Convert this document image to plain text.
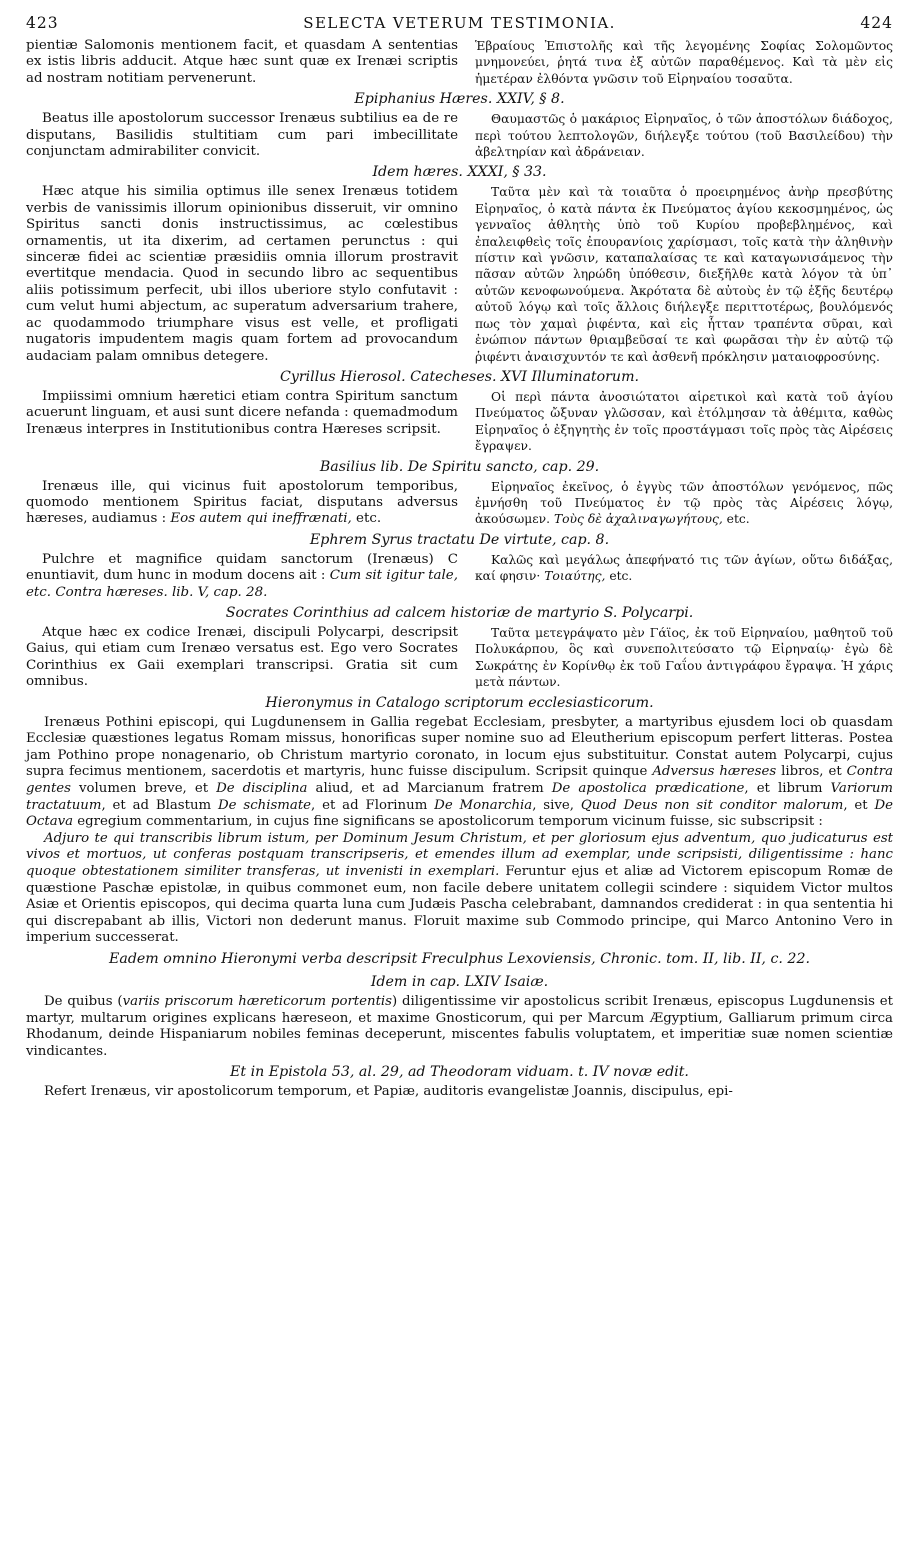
423	SELECTA VETERUM TESTIMONIA.	424

pientiæ Salomonis mentionem facit, et quasdam A sententias ex istis libris adducit. Atque hæc sunt quæ ex Irenæi scriptis ad nostram notitiam pervenerunt.

Ἑβραίους Ἐπιστολῆς καὶ τῆς λεγομένης Σοφίας Σολομῶντος μνημονεύει, ῥητά τινα ἐξ αὐτῶν παραθέμενος. Καὶ τὰ μὲν εἰς ἡμετέραν ἐλθόντα γνῶσιν τοῦ Εἰρηναίου τοσαῦτα.

Epiphanius Hæres. XXIV, § 8.

Beatus ille apostolorum successor Irenæus subtilius ea de re disputans, Basilidis stultitiam cum pari imbecillitate conjunctam admirabiliter convicit.

Θαυμαστῶς ὁ μακάριος Εἰρηναῖος, ὁ τῶν ἀποστόλων διάδοχος, περὶ τούτου λεπτολογῶν, διήλεγξε τούτου (τοῦ Βασιλείδου) τὴν ἀβελτηρίαν καὶ ἀδράνειαν.

Idem hæres. XXXI, § 33.

Hæc atque his similia optimus ille senex Irenæus totidem verbis de vanissimis illorum opinionibus disseruit, vir omnino Spiritus sancti donis instructissimus, ac cœlestibus ornamentis, ut ita dixerim, ad certamen perunctus : qui sinceræ fidei ac scientiæ præsidiis omnia illorum prostravit evertitque mendacia. Quod in secundo libro ac sequentibus aliis potissimum perfecit, ubi illos uberiore stylo confutavit : cum velut humi abjectum, ac superatum adversarium trahere, ac quodammodo triumphare visus est velle, et profligati nugatoris impudentem magis quam fortem ad provocandum audaciam palam omnibus detegere.

Ταῦτα μὲν καὶ τὰ τοιαῦτα ὁ προειρημένος ἀνὴρ πρεσβύτης Εἰρηναῖος, ὁ κατὰ πάντα ἐκ Πνεύματος ἁγίου κεκοσμημένος, ὡς γενναῖος ἀθλητὴς ὑπὸ τοῦ Κυρίου προβεβλημένος, καὶ ἐπαλειφθεὶς τοῖς ἐπουρανίοις χαρίσμασι, τοῖς κατὰ τὴν ἀληθινὴν πίστιν καὶ γνῶσιν, καταπαλαίσας τε καὶ καταγωνισάμενος τὴν πᾶσαν αὐτῶν ληρώδη ὑπόθεσιν, διεξῆλθε κατὰ λόγον τὰ ὑπ᾽ αὐτῶν κενοφωνούμενα. Ἀκρότατα δὲ αὐτοὺς ἐν τῷ ἑξῆς δευτέρῳ αὐτοῦ λόγῳ καὶ τοῖς ἄλλοις διήλεγξε περιττοτέρως, βουλόμενός πως τὸν χαμαὶ ῥιφέντα, καὶ εἰς ἧτταν τραπέντα σῦραι, καὶ ἐνώπιον πάντων θριαμβεῦσαί τε καὶ φωρᾶσαι τὴν ἐν αὐτῷ τῷ ῥιφέντι ἀναισχυντόν τε καὶ ἀσθενῆ πρόκλησιν ματαιοφροσύνης.

Cyrillus Hierosol. Catecheses. XVI Illuminatorum.

Impiissimi omnium hæretici etiam contra Spiritum sanctum acuerunt linguam, et ausi sunt dicere nefanda : quemadmodum Irenæus interpres in Institutionibus contra Hæreses scripsit.

Οἱ περὶ πάντα ἀνοσιώτατοι αἱρετικοὶ καὶ κατὰ τοῦ ἁγίου Πνεύματος ὤξυναν γλῶσσαν, καὶ ἐτόλμησαν τὰ ἀθέμιτα, καθὼς Εἰρηναῖος ὁ ἐξηγητὴς ἐν τοῖς προστάγμασι τοῖς πρὸς τὰς Αἱρέσεις ἔγραψεν.

Basilius lib. De Spiritu sancto, cap. 29.

Irenæus ille, qui vicinus fuit apostolorum temporibus, quomodo mentionem Spiritus faciat, disputans adversus hæreses, audiamus : Eos autem qui ineffrænati, etc.

Εἰρηναῖος ἐκεῖνος, ὁ ἐγγὺς τῶν ἀποστόλων γενόμενος, πῶς ἐμνήσθη τοῦ Πνεύματος ἐν τῷ πρὸς τὰς Αἱρέσεις λόγῳ, ἀκούσωμεν. Τοὺς δὲ ἀχαλιναγωγήτους, etc.

Ephrem Syrus tractatu De virtute, cap. 8.

Pulchre et magnifice quidam sanctorum (Irenæus) C enuntiavit, dum hunc in modum docens ait : Cum sit igitur tale, etc. Contra hæreses. lib. V, cap. 28.

Καλῶς καὶ μεγάλως ἀπεφήνατό τις τῶν ἁγίων, οὕτω διδάξας, καί φησιν· Τοιαύτης, etc.

Socrates Corinthius ad calcem historiæ de martyrio S. Polycarpi.

Atque hæc ex codice Irenæi, discipuli Polycarpi, descripsit Gaius, qui etiam cum Irenæo versatus est. Ego vero Socrates Corinthius ex Gaii exemplari transcripsi. Gratia sit cum omnibus.

Ταῦτα μετεγράψατο μὲν Γάϊος, ἐκ τοῦ Εἰρηναίου, μαθητοῦ τοῦ Πολυκάρπου, ὃς καὶ συνεπολιτεύσατο τῷ Εἰρηναίῳ· ἐγὼ δὲ Σωκράτης ἐν Κορίνθῳ ἐκ τοῦ Γαΐου ἀντιγράφου ἔγραψα. Ἡ χάρις μετὰ πάντων.

Hieronymus in Catalogo scriptorum ecclesiasticorum.

Irenæus Pothini episcopi, qui Lugdunensem in Gallia regebat Ecclesiam, presbyter, a martyribus ejusdem loci ob quasdam Ecclesiæ quæstiones legatus Romam missus, honorificas super nomine suo ad Eleutherium episcopum perfert litteras. Postea jam Pothino prope nonagenario, ob Christum martyrio coronato, in locum ejus substituitur. Constat autem Polycarpi, cujus supra fecimus mentionem, sacerdotis et martyris, hunc fuisse discipulum. Scripsit quinque Adversus hæreses libros, et Contra gentes volumen breve, et De disciplina aliud, et ad Marcianum fratrem De apostolica prædicatione, et librum Variorum tractatuum, et ad Blastum De schismate, et ad Florinum De Monarchia, sive, Quod Deus non sit conditor malorum, et De Octava egregium commentarium, in cujus fine significans se apostolicorum temporum vicinum fuisse, sic subscripsit :

Adjuro te qui transcribis librum istum, per Dominum Jesum Christum, et per gloriosum ejus adventum, quo judicaturus est vivos et mortuos, ut conferas postquam transcripseris, et emendes illum ad exemplar, unde scripsisti, diligentissime : hanc quoque obtestationem similiter transferas, ut invenisti in exemplari. Feruntur ejus et aliæ ad Victorem episcopum Romæ de quæstione Paschæ epistolæ, in quibus commonet eum, non facile debere unitatem collegii scindere : siquidem Victor multos Asiæ et Orientis episcopos, qui decima quarta luna cum Judæis Pascha celebrabant, damnandos crediderat : in qua sententia hi qui discrepabant ab illis, Victori non dederunt manus. Floruit maxime sub Commodo principe, qui Marco Antonino Vero in imperium successerat.

Eadem omnino Hieronymi verba descripsit Freculphus Lexoviensis, Chronic. tom. II, lib. II, c. 22.
Idem in cap. LXIV Isaiæ.

De quibus (variis priscorum hæreticorum portentis) diligentissime vir apostolicus scribit Irenæus, episcopus Lugdunensis et martyr, multarum origines explicans hæreseon, et maxime Gnosticorum, qui per Marcum Ægyptium, Galliarum primum circa Rhodanum, deinde Hispaniarum nobiles feminas deceperunt, miscentes fabulis voluptatem, et imperitiæ suæ nomen scientiæ vindicantes.

Et in Epistola 53, al. 29, ad Theodoram viduam. t. IV novæ edit.

Refert Irenæus, vir apostolicorum temporum, et Papiæ, auditoris evangelistæ Joannis, discipulus, epi-
